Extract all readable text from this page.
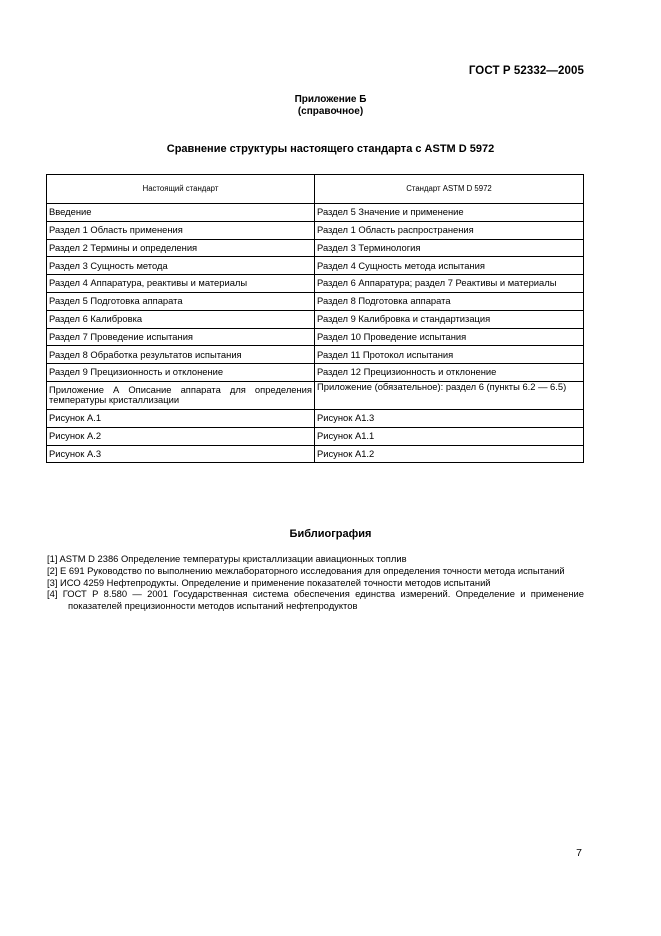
ГОСТ Р 52332—2005
Приложение Б
(справочное)
Сравнение структуры настоящего стандарта с ASTM D 5972
Настоящий стандарт	Стандарт ASTM D 5972
Введение	Раздел 5 Значение и применение
Раздел 1 Область применения	Раздел 1 Область распространения
Раздел 2 Термины и определения	Раздел 3 Терминология
Раздел 3 Сущность метода	Раздел 4 Сущность метода испытания
Раздел 4 Аппаратура, реактивы и материалы	Раздел 6 Аппаратура; раздел 7 Реактивы и материалы
Раздел 5 Подготовка аппарата	Раздел 8 Подготовка аппарата
Раздел 6 Калибровка	Раздел 9 Калибровка и стандартизация
Раздел 7 Проведение испытания	Раздел 10 Проведение испытания
Раздел 8 Обработка результатов испытания	Раздел 11 Протокол испытания
Раздел 9 Прецизионность и отклонение	Раздел 12 Прецизионность и отклонение
Приложение А Описание аппарата для определения температуры кристаллизации	Приложение (обязательное): раздел 6 (пункты 6.2 — 6.5)
Рисунок А.1	Рисунок А1.3
Рисунок А.2	Рисунок А1.1
Рисунок А.3	Рисунок А1.2
Библиография
[1] ASTM D 2386 Определение температуры кристаллизации авиационных топлив
[2] Е 691 Руководство по выполнению межлабораторного исследования для определения точности метода испытаний
[3] ИСО 4259 Нефтепродукты. Определение и применение показателей точности методов испытаний
[4] ГОСТ Р 8.580 — 2001 Государственная система обеспечения единства измерений. Определение и применение показателей прецизионности методов испытаний нефтепродуктов
7
